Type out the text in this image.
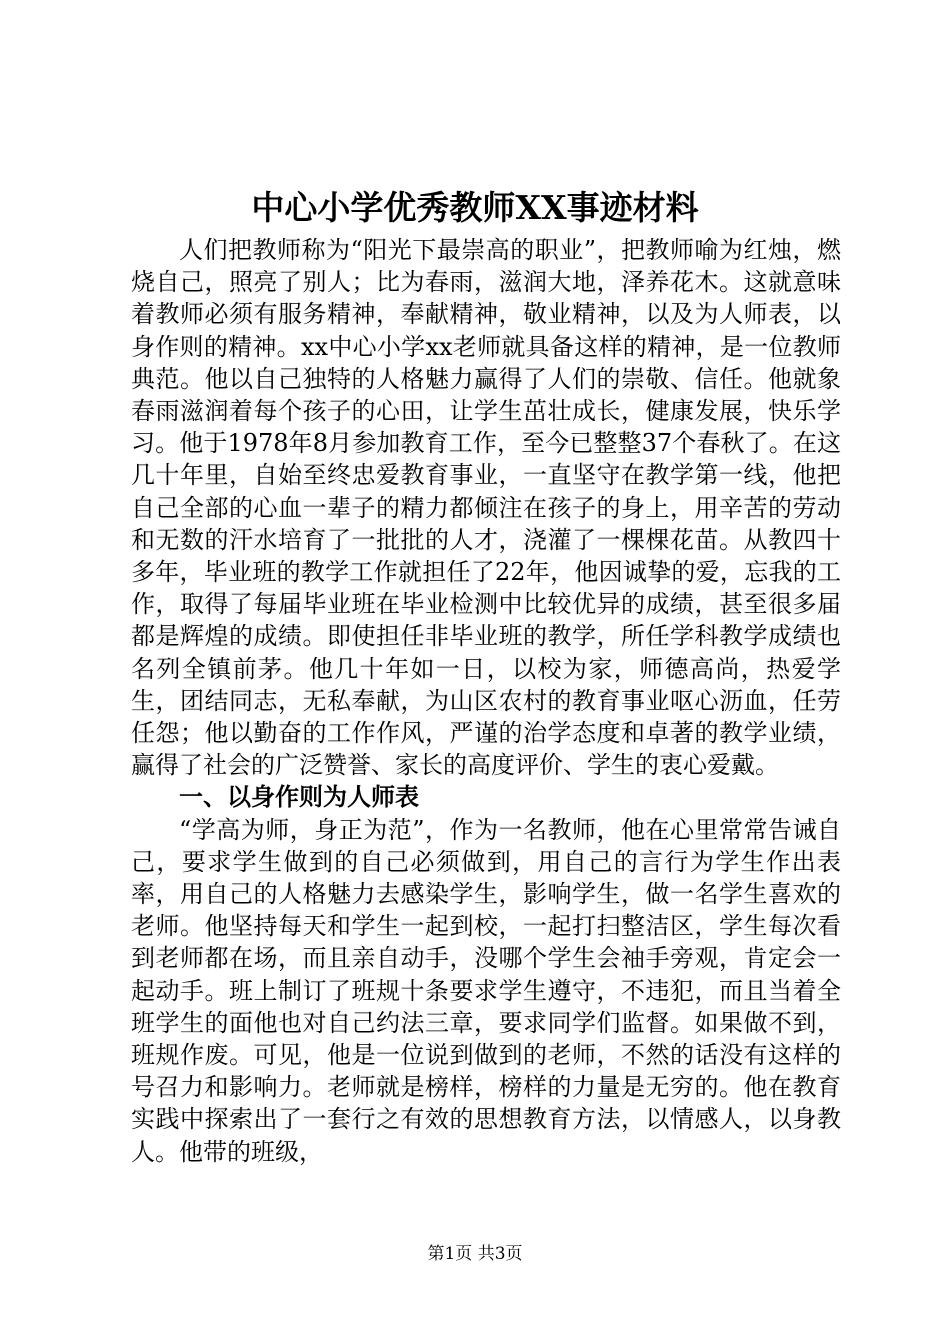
中心小学优秀教师XX事迹材料

人们把教师称为“阳光下最崇高的职业”，把教师喻为红烛，燃烧自己，照亮了别人；比为春雨，滋润大地，泽养花木。这就意味着教师必须有服务精神，奉献精神，敬业精神，以及为人师表，以身作则的精神。xx中心小学xx老师就具备这样的精神，是一位教师典范。他以自己独特的人格魅力赢得了人们的崇敬、信任。他就象春雨滋润着每个孩子的心田，让学生茁壮成长，健康发展，快乐学习。他于1978年8月参加教育工作，至今已整整37个春秋了。在这几十年里，自始至终忠爱教育事业，一直坚守在教学第一线，他把自己全部的心血一辈子的精力都倾注在孩子的身上，用辛苦的劳动和无数的汗水培育了一批批的人才，浇灌了一棵棵花苗。从教四十多年，毕业班的教学工作就担任了22年，他因诚挚的爱，忘我的工作，取得了每届毕业班在毕业检测中比较优异的成绩，甚至很多届都是辉煌的成绩。即使担任非毕业班的教学，所任学科教学成绩也名列全镇前茅。他几十年如一日，以校为家，师德高尚，热爱学生，团结同志，无私奉献，为山区农村的教育事业呕心沥血，任劳任怨；他以勤奋的工作作风，严谨的治学态度和卓著的教学业绩，赢得了社会的广泛赞誉、家长的高度评价、学生的衷心爱戴。

一、以身作则为人师表

“学高为师，身正为范”，作为一名教师，他在心里常常告诫自己，要求学生做到的自己必须做到，用自己的言行为学生作出表率，用自己的人格魅力去感染学生，影响学生，做一名学生喜欢的老师。他坚持每天和学生一起到校，一起打扫整洁区，学生每次看到老师都在场，而且亲自动手，没哪个学生会袖手旁观，肯定会一起动手。班上制订了班规十条要求学生遵守，不违犯，而且当着全班学生的面他也对自己约法三章，要求同学们监督。如果做不到，班规作废。可见，他是一位说到做到的老师，不然的话没有这样的号召力和影响力。老师就是榜样，榜样的力量是无穷的。他在教育实践中探索出了一套行之有效的思想教育方法，以情感人，以身教人。他带的班级，

第1页 共3页
